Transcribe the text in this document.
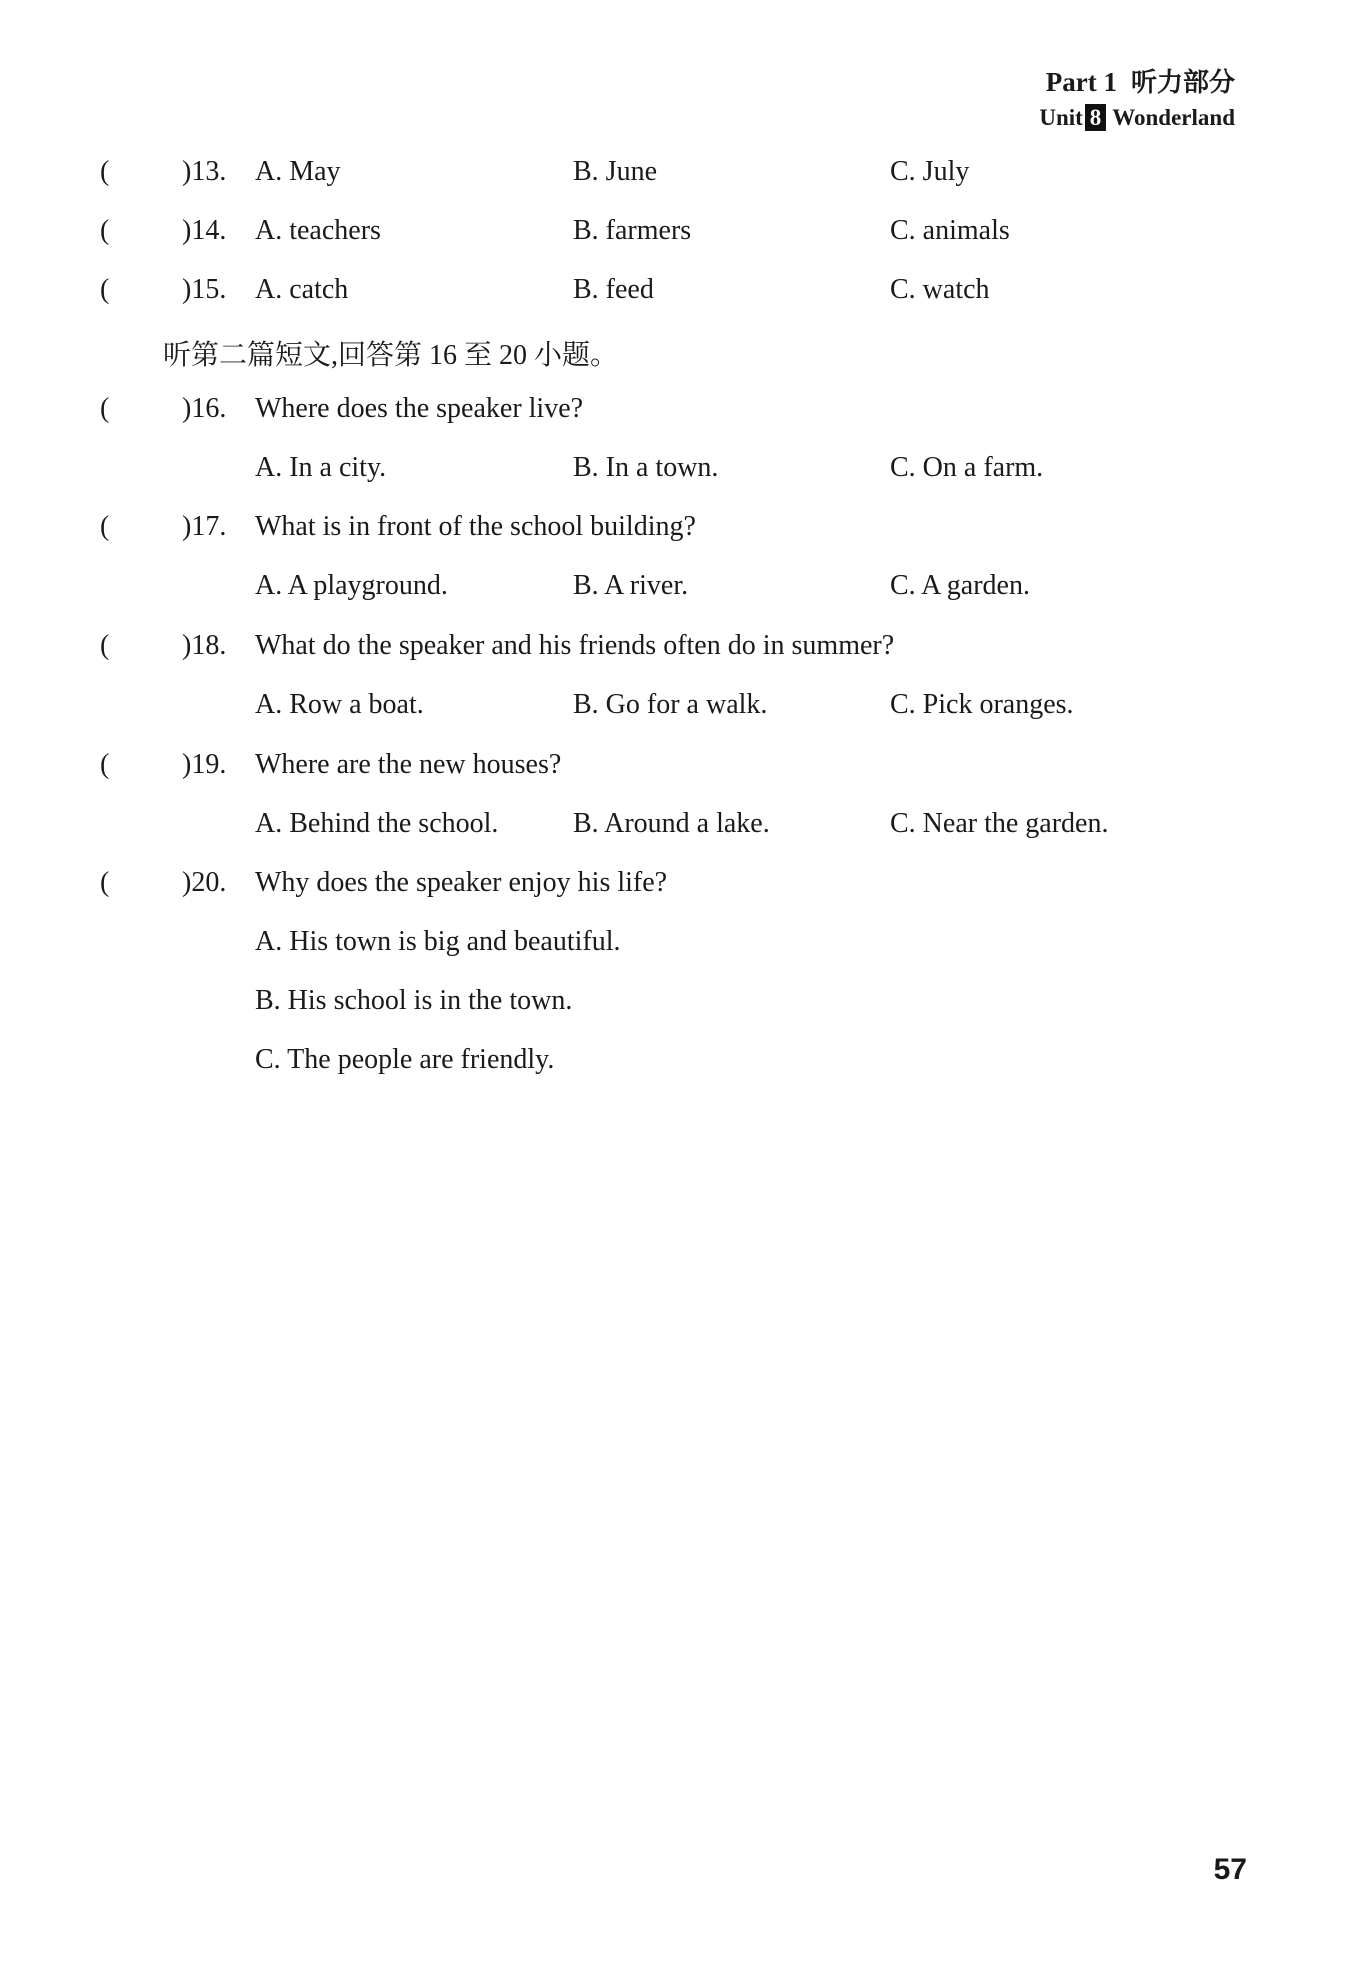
Part 1 听力部分
Unit 8 Wonderland
(	)13. A. May	B. June	C. July
(	)14. A. teachers	B. farmers	C. animals
(	)15. A. catch	B. feed	C. watch
听第二篇短文,回答第 16 至 20 小题。
(	)16. Where does the speaker live?
A. In a city.	B. In a town.	C. On a farm.
(	)17. What is in front of the school building?
A. A playground.	B. A river.	C. A garden.
(	)18. What do the speaker and his friends often do in summer?
A. Row a boat.	B. Go for a walk.	C. Pick oranges.
(	)19. Where are the new houses?
A. Behind the school.	B. Around a lake.	C. Near the garden.
(	)20. Why does the speaker enjoy his life?
A. His town is big and beautiful.
B. His school is in the town.
C. The people are friendly.
57
